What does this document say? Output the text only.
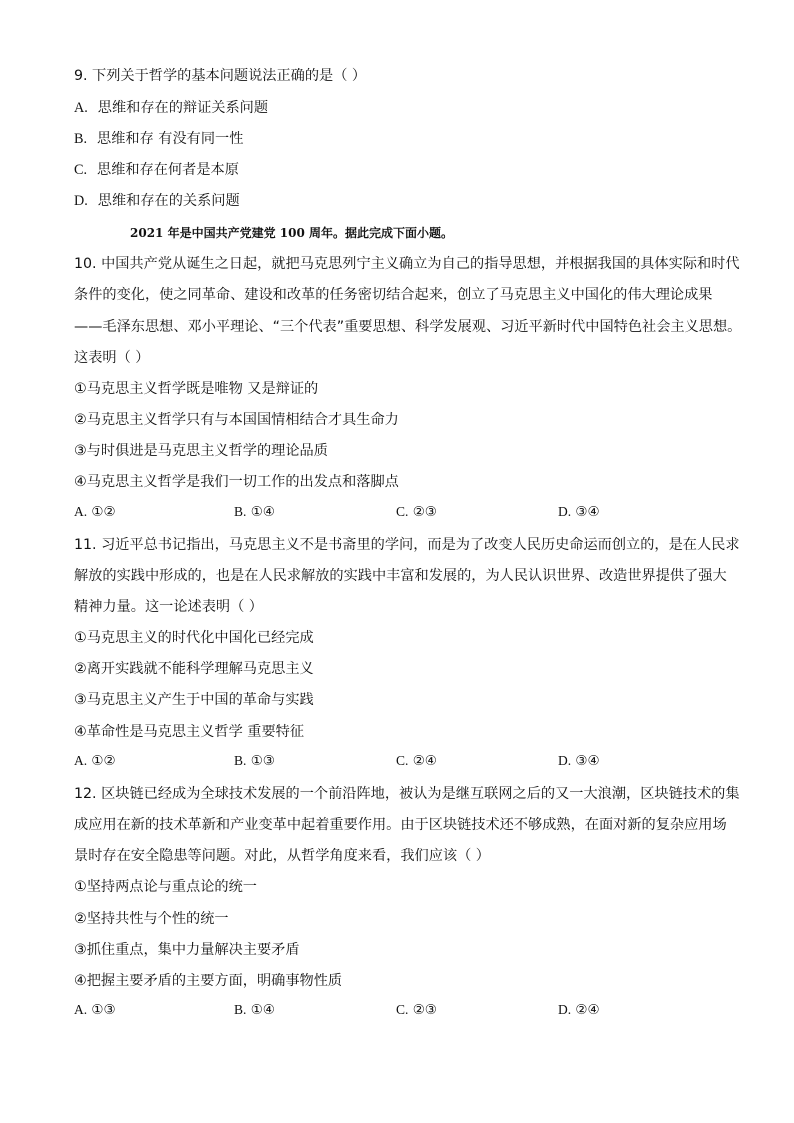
9. 下列关于哲学的基本问题说法正确的是（ ）
A. 思维和存在的辩证关系问题
B. 思维和存 有没有同一性
C. 思维和存在何者是本原
D. 思维和存在的关系问题
2021 年是中国共产党建党 100 周年。据此完成下面小题。
10. 中国共产党从诞生之日起，就把马克思列宁主义确立为自己的指导思想，并根据我国的具体实际和时代
条件的变化，使之同革命、建设和改革的任务密切结合起来，创立了马克思主义中国化的伟大理论成果
——毛泽东思想、邓小平理论、“三个代表”重要思想、科学发展观、习近平新时代中国特色社会主义思想。
这表明（ ）
①马克思主义哲学既是唯物 又是辩证的
②马克思主义哲学只有与本国国情相结合才具生命力
③与时俱进是马克思主义哲学的理论品质
④马克思主义哲学是我们一切工作的出发点和落脚点
A. ①②	B. ①④	C. ②③	D. ③④
11. 习近平总书记指出，马克思主义不是书斋里的学问，而是为了改变人民历史命运而创立的，是在人民求
解放的实践中形成的，也是在人民求解放的实践中丰富和发展的，为人民认识世界、改造世界提供了强大
精神力量。这一论述表明（ ）
①马克思主义的时代化中国化已经完成
②离开实践就不能科学理解马克思主义
③马克思主义产生于中国的革命与实践
④革命性是马克思主义哲学 重要特征
A. ①②	B. ①③	C. ②④	D. ③④
12. 区块链已经成为全球技术发展的一个前沿阵地，被认为是继互联网之后的又一大浪潮，区块链技术的集
成应用在新的技术革新和产业变革中起着重要作用。由于区块链技术还不够成熟，在面对新的复杂应用场
景时存在安全隐患等问题。对此，从哲学角度来看，我们应该（ ）
①坚持两点论与重点论的统一
②坚持共性与个性的统一
③抓住重点，集中力量解决主要矛盾
④把握主要矛盾的主要方面，明确事物性质
A. ①③	B. ①④	C. ②③	D. ②④
